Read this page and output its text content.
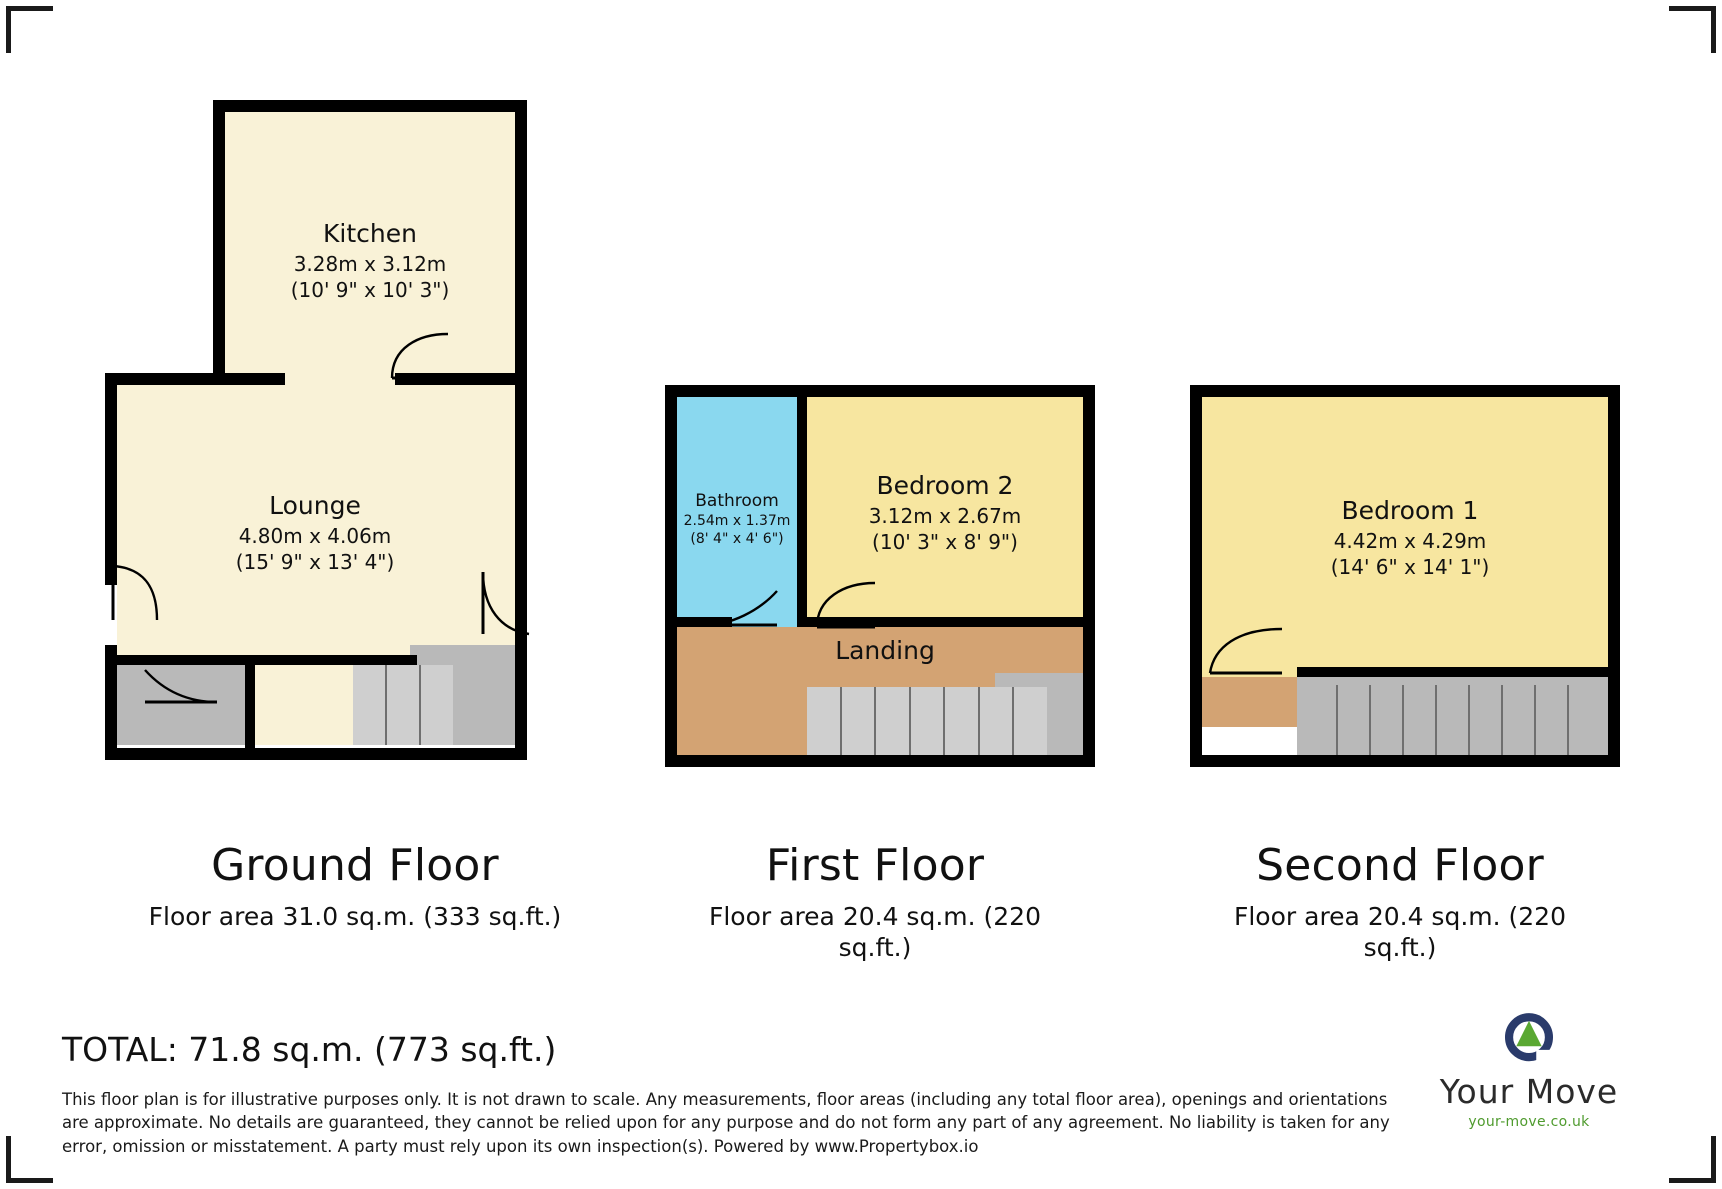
Kitchen
3.28m x 3.12m
(10' 9" x 10' 3")
Lounge
4.80m x 4.06m
(15' 9" x 13' 4")
Bathroom
2.54m x 1.37m
(8' 4" x 4' 6")
Bedroom 2
3.12m x 2.67m
(10' 3" x 8' 9")
Landing
Bedroom 1
4.42m x 4.29m
(14' 6" x 14' 1")
Ground Floor
Floor area 31.0 sq.m. (333 sq.ft.)
First Floor
Floor area 20.4 sq.m. (220 sq.ft.)
Second Floor
Floor area 20.4 sq.m. (220 sq.ft.)
TOTAL: 71.8 sq.m. (773 sq.ft.)
This floor plan is for illustrative purposes only. It is not drawn to scale. Any measurements, floor areas (including any total floor area), openings and orientations are approximate. No details are guaranteed, they cannot be relied upon for any purpose and do not form any part of any agreement. No liability is taken for any error, omission or misstatement. A party must rely upon its own inspection(s). Powered by www.Propertybox.io
Your Move
your-move.co.uk
